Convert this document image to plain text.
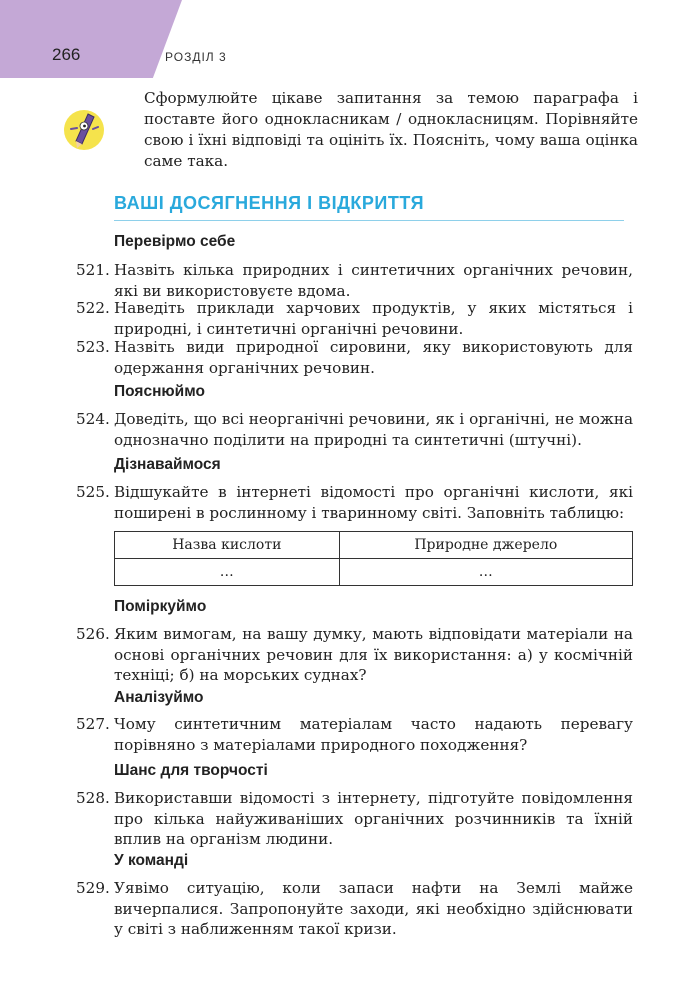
266	РОЗДІЛ 3
Сформулюйте цікаве запитання за темою параграфа і поставте його однокласникам / однокласницям. Порівняйте свою і їхні відповіді та оцініть їх. Поясніть, чому ваша оцінка саме така.
ВАШІ ДОСЯГНЕННЯ І ВІДКРИТТЯ
Перевірмо себе
521. Назвіть кілька природних і синтетичних органічних речовин, які ви використовуєте вдома.
522. Наведіть приклади харчових продуктів, у яких містяться і природні, і синтетичні органічні речовини.
523. Назвіть види природної сировини, яку використовують для одержання органічних речовин.
Пояснюймо
524. Доведіть, що всі неорганічні речовини, як і органічні, не можна однозначно поділити на природні та синтетичні (штучні).
Дізнаваймося
525. Відшукайте в інтернеті відомості про органічні кислоти, які поширені в рослинному і тваринному світі. Заповніть таблицю:
Назва кислоти	Природне джерело
…	…
Поміркуймо
526. Яким вимогам, на вашу думку, мають відповідати матеріали на основі органічних речовин для їх використання: а) у космічній техніці; б) на морських суднах?
Аналізуймо
527. Чому синтетичним матеріалам часто надають перевагу порівняно з матеріалами природного походження?
Шанс для творчості
528. Використавши відомості з інтернету, підготуйте повідомлення про кілька найуживаніших органічних розчинників та їхній вплив на організм людини.
У команді
529. Уявімо ситуацію, коли запаси нафти на Землі майже вичерпалися. Запропонуйте заходи, які необхідно здійснювати у світі з наближенням такої кризи.
